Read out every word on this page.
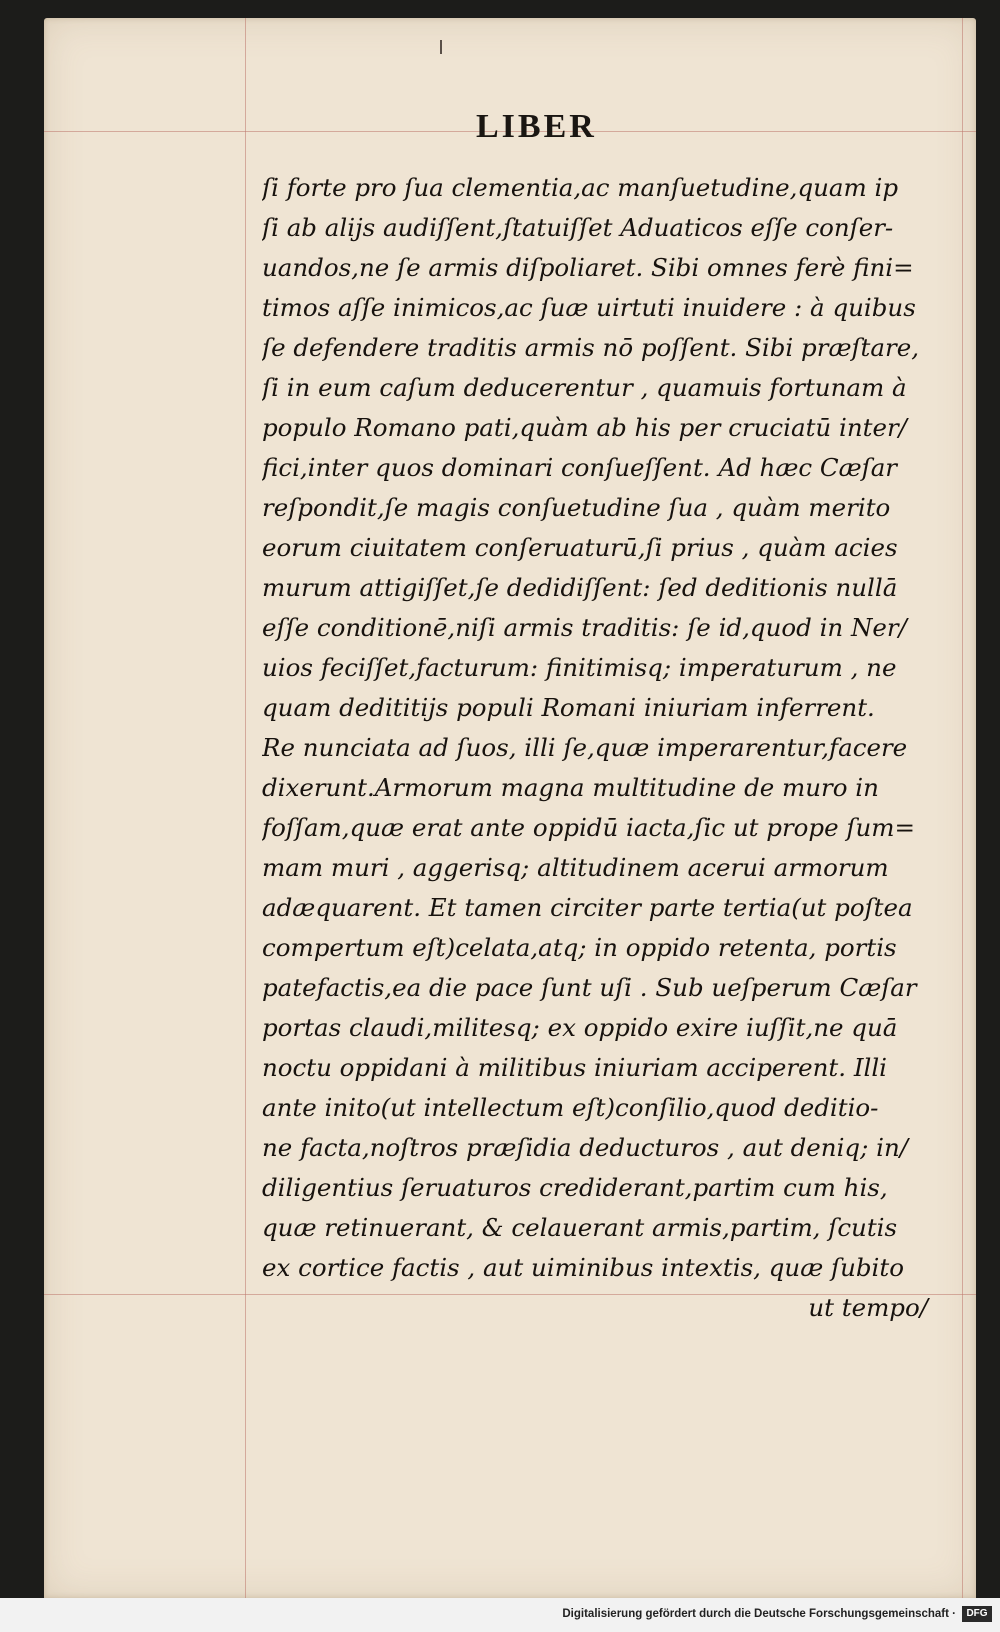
LIBER
ſi forte pro ſua clementia,ac manſuetudine,quam ip
ſi ab alijs audiſſent,ſtatuiſſet Aduaticos eſſe conſer-
uandos,ne ſe armis diſpoliaret. Sibi omnes ferè fini=
timos aſſe inimicos,ac ſuæ uirtuti inuidere : à quibus
ſe defendere traditis armis nō poſſent. Sibi præſtare,
ſi in eum caſum deducerentur , quamuis fortunam à
populo Romano pati,quàm ab his per cruciatū inter/
fici,inter quos dominari conſueſſent. Ad hæc Cæſar
reſpondit,ſe magis conſuetudine ſua , quàm merito
eorum ciuitatem conſeruaturū,ſi prius , quàm acies
murum attigiſſet,ſe dedidiſſent: ſed deditionis nullā
eſſe conditionē,niſi armis traditis: ſe id,quod in Ner/
uios feciſſet,facturum: finitimisq; imperaturum , ne
quam dedititijs populi Romani iniuriam inferrent.
Re nunciata ad ſuos, illi ſe,quæ imperarentur,facere
dixerunt.Armorum magna multitudine de muro in
foſſam,quæ erat ante oppidū iacta,ſic ut prope ſum=
mam muri , aggerisq; altitudinem acerui armorum
adæquarent. Et tamen circiter parte tertia(ut poſtea
compertum eſt)celata,atq; in oppido retenta, portis
patefactis,ea die pace ſunt uſi . Sub ueſperum Cæſar
portas claudi,militesq; ex oppido exire iuſſit,ne quā
noctu oppidani à militibus iniuriam acciperent. Illi
ante inito(ut intellectum eſt)conſilio,quod deditio-
ne facta,noſtros præſidia deducturos , aut deniq; in/
diligentius ſeruaturos crediderant,partim cum his,
quæ retinuerant, & celauerant armis,partim, ſcutis
ex cortice factis , aut uiminibus intextis, quæ ſubito
ut tempo/
Digitalisierung gefördert durch die Deutsche Forschungsgemeinschaft ·	DFG
